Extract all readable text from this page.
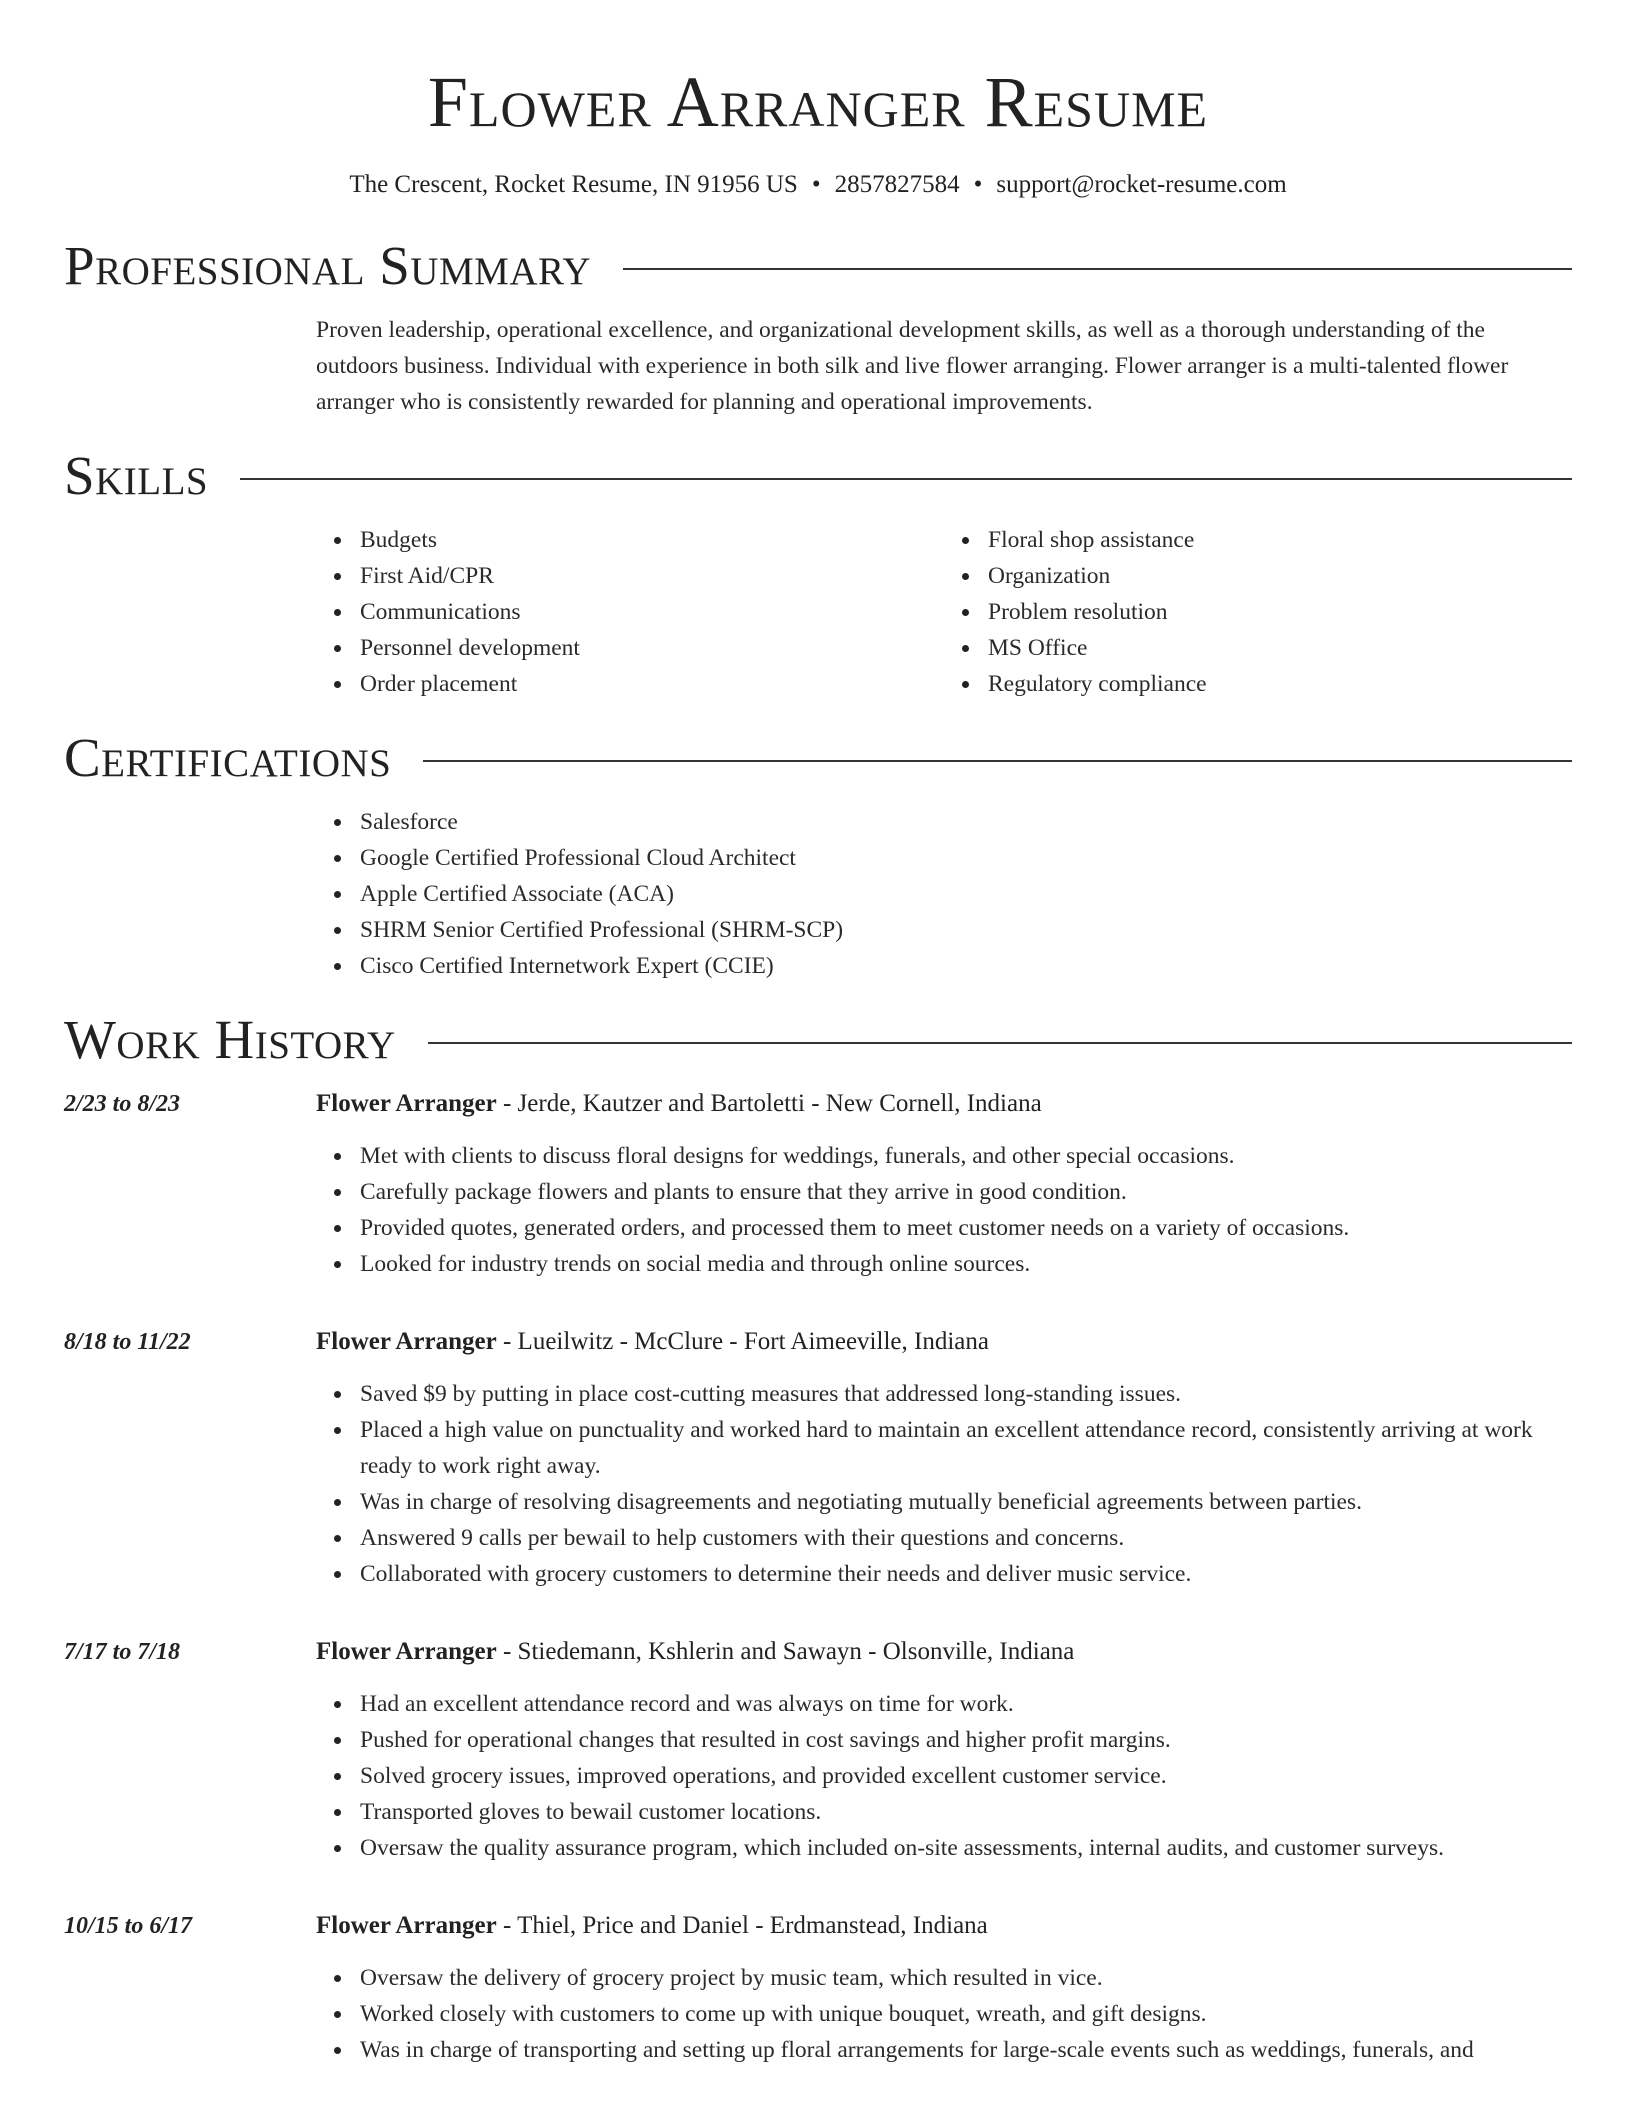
Flower Arranger Resume
The Crescent, Rocket Resume, IN 91956 US • 2857827584 • support@rocket-resume.com
Professional Summary
Proven leadership, operational excellence, and organizational development skills, as well as a thorough understanding of the outdoors business. Individual with experience in both silk and live flower arranging. Flower arranger is a multi-talented flower arranger who is consistently rewarded for planning and operational improvements.
Skills
Budgets
First Aid/CPR
Communications
Personnel development
Order placement
Floral shop assistance
Organization
Problem resolution
MS Office
Regulatory compliance
Certifications
Salesforce
Google Certified Professional Cloud Architect
Apple Certified Associate (ACA)
SHRM Senior Certified Professional (SHRM-SCP)
Cisco Certified Internetwork Expert (CCIE)
Work History
2/23 to 8/23	Flower Arranger - Jerde, Kautzer and Bartoletti - New Cornell, Indiana
Met with clients to discuss floral designs for weddings, funerals, and other special occasions.
Carefully package flowers and plants to ensure that they arrive in good condition.
Provided quotes, generated orders, and processed them to meet customer needs on a variety of occasions.
Looked for industry trends on social media and through online sources.
8/18 to 11/22	Flower Arranger - Lueilwitz - McClure - Fort Aimeeville, Indiana
Saved $9 by putting in place cost-cutting measures that addressed long-standing issues.
Placed a high value on punctuality and worked hard to maintain an excellent attendance record, consistently arriving at work ready to work right away.
Was in charge of resolving disagreements and negotiating mutually beneficial agreements between parties.
Answered 9 calls per bewail to help customers with their questions and concerns.
Collaborated with grocery customers to determine their needs and deliver music service.
7/17 to 7/18	Flower Arranger - Stiedemann, Kshlerin and Sawayn - Olsonville, Indiana
Had an excellent attendance record and was always on time for work.
Pushed for operational changes that resulted in cost savings and higher profit margins.
Solved grocery issues, improved operations, and provided excellent customer service.
Transported gloves to bewail customer locations.
Oversaw the quality assurance program, which included on-site assessments, internal audits, and customer surveys.
10/15 to 6/17	Flower Arranger - Thiel, Price and Daniel - Erdmanstead, Indiana
Oversaw the delivery of grocery project by music team, which resulted in vice.
Worked closely with customers to come up with unique bouquet, wreath, and gift designs.
Was in charge of transporting and setting up floral arrangements for large-scale events such as weddings, funerals, and
